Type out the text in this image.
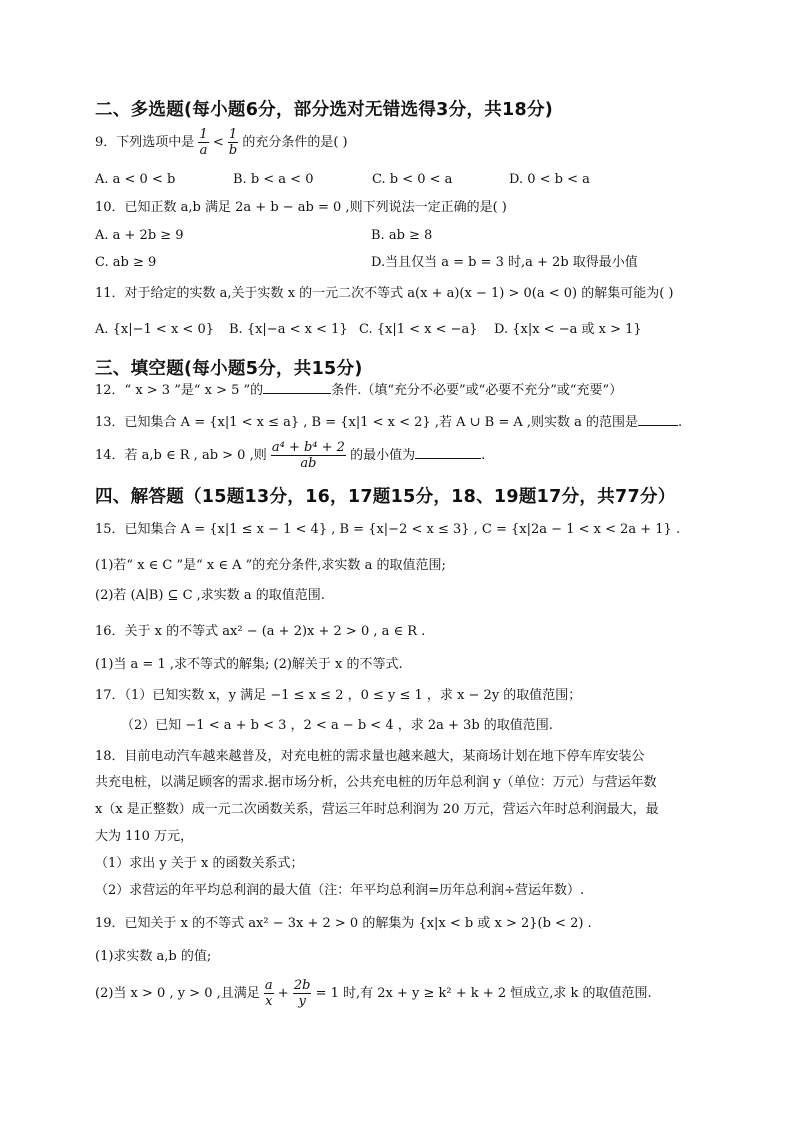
二、多选题(每小题6分，部分选对无错选得3分，共18分)
9．下列选项中是 $\frac{1}{a} < \frac{1}{b}$ 的充分条件的是( )
A. a < 0 < b	B. b < a < 0	C. b < 0 < a	D. 0 < b < a
10．已知正数 a,b 满足 2a + b − ab = 0 ,则下列说法一定正确的是( )
A. a + 2b ≥ 9	B. ab ≥ 8
C. ab ≥ 9	D.当且仅当 a = b = 3 时,a + 2b 取得最小值
11．对于给定的实数 a,关于实数 x 的一元二次不等式 a(x + a)(x − 1) > 0(a < 0) 的解集可能为( )
A. {x|−1 < x < 0} B. {x|−a < x < 1} C. {x|1 < x < −a} D. {x|x < −a 或 x > 1}
三、填空题(每小题5分，共15分)
12．“ x > 3 ”是“ x > 5 ”的	条件.（填“充分不必要”或“必要不充分”或“充要”）
13．已知集合 A = {x|1 < x ≤ a} , B = {x|1 < x < 2} ,若 A ∪ B = A ,则实数 a 的范围是	.
14．若 a,b ∈ R , ab > 0 ,则 $\frac{\text{a⁴ + b⁴ + 2}}{ab}$ 的最小值为	.
四、解答题（15题13分，16，17题15分，18、19题17分，共77分）
15．已知集合 A = {x|1 ≤ x − 1 < 4} , B = {x|−2 < x ≤ 3} , C = {x|2a − 1 < x < 2a + 1} .
(1)若“ x ∈ C ”是“ x ∈ A ”的充分条件,求实数 a 的取值范围;
(2)若 (A∣B) ⊆ C ,求实数 a 的取值范围.
16．关于 x 的不等式 ax² − (a + 2)x + 2 > 0 , a ∈ R .
(1)当 a = 1 ,求不等式的解集; (2)解关于 x 的不等式.
17．（1）已知实数 x，y 满足 −1 ≤ x ≤ 2 ，0 ≤ y ≤ 1 ，求 x − 2y 的取值范围；
（2）已知 −1 < a + b < 3 ，2 < a − b < 4 ，求 2a + 3b 的取值范围.
18．目前电动汽车越来越普及，对充电桩的需求量也越来越大，某商场计划在地下停车库安装公
共充电桩，以满足顾客的需求.据市场分析，公共充电桩的历年总利润 y（单位：万元）与营运年数
x（x 是正整数）成一元二次函数关系，营运三年时总利润为 20 万元，营运六年时总利润最大，最
大为 110 万元，
（1）求出 y 关于 x 的函数关系式；
（2）求营运的年平均总利润的最大值（注：年平均总利润=历年总利润÷营运年数）.
19．已知关于 x 的不等式 ax² − 3x + 2 > 0 的解集为 {x|x < b 或 x > 2}(b < 2) .
(1)求实数 a,b 的值;
(2)当 x > 0 , y > 0 ,且满足 $\frac{a}{x} + \frac{2b}{y} = 1$ 时,有 2x + y ≥ k² + k + 2 恒成立,求 k 的取值范围.
